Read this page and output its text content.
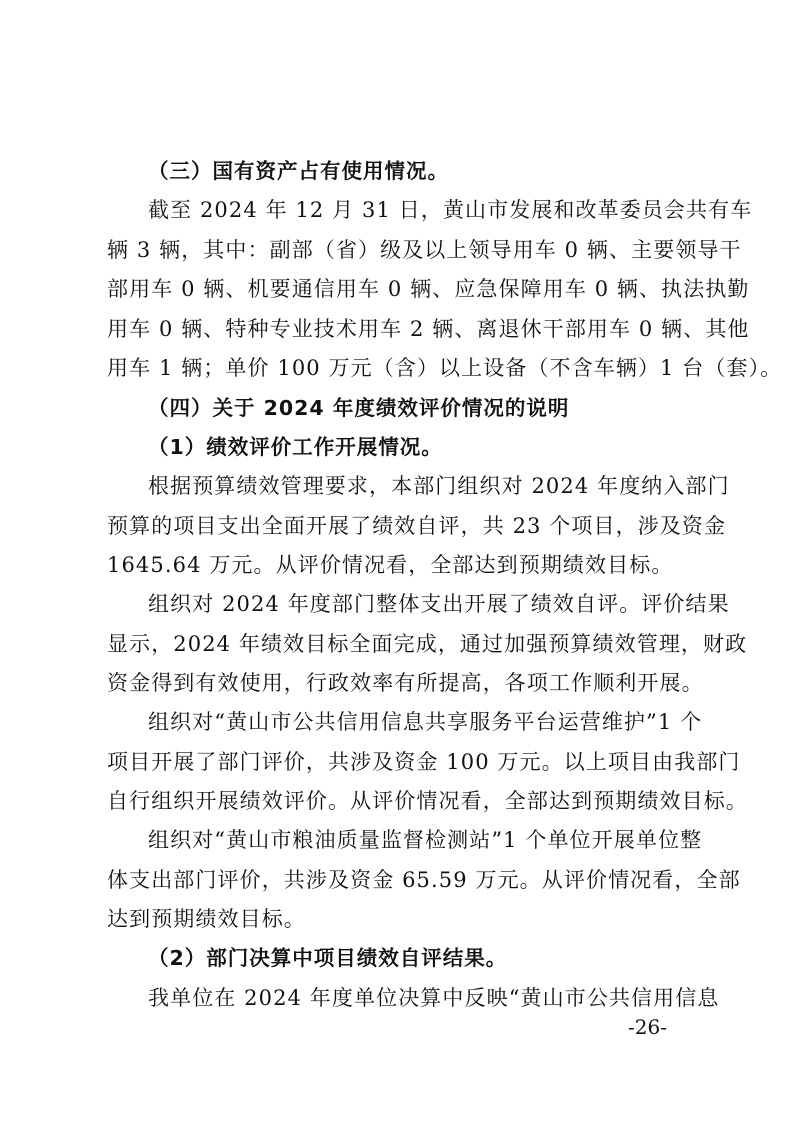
（三）国有资产占有使用情况。
截至 2024 年 12 月 31 日，黄山市发展和改革委员会共有车
辆 3 辆，其中：副部（省）级及以上领导用车 0 辆、主要领导干
部用车 0 辆、机要通信用车 0 辆、应急保障用车 0 辆、执法执勤
用车 0 辆、特种专业技术用车 2 辆、离退休干部用车 0 辆、其他
用车 1 辆；单价 100 万元（含）以上设备（不含车辆）1 台（套）。
（四）关于 2024 年度绩效评价情况的说明
（1）绩效评价工作开展情况。
根据预算绩效管理要求，本部门组织对 2024 年度纳入部门
预算的项目支出全面开展了绩效自评，共 23 个项目，涉及资金
1645.64 万元。从评价情况看，全部达到预期绩效目标。
组织对 2024 年度部门整体支出开展了绩效自评。评价结果
显示，2024 年绩效目标全面完成，通过加强预算绩效管理，财政
资金得到有效使用，行政效率有所提高，各项工作顺利开展。
组织对“黄山市公共信用信息共享服务平台运营维护”1 个
项目开展了部门评价，共涉及资金 100 万元。以上项目由我部门
自行组织开展绩效评价。从评价情况看，全部达到预期绩效目标。
组织对“黄山市粮油质量监督检测站”1 个单位开展单位整
体支出部门评价，共涉及资金 65.59 万元。从评价情况看，全部
达到预期绩效目标。
（2）部门决算中项目绩效自评结果。
我单位在 2024 年度单位决算中反映“黄山市公共信用信息
-26-
